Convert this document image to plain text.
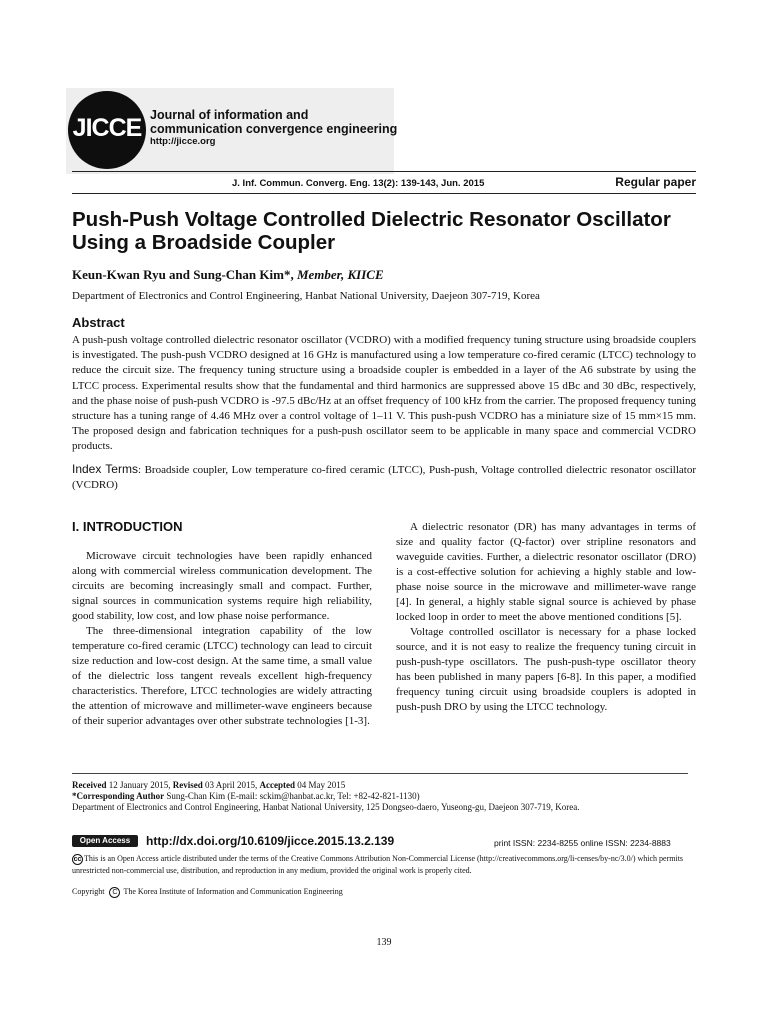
JICCE Journal of information and
communication convergence engineering
http://jicce.org
J. Inf. Commun. Converg. Eng. 13(2): 139-143, Jun. 2015	Regular paper
Push-Push Voltage Controlled Dielectric Resonator Oscillator Using a Broadside Coupler
Keun-Kwan Ryu and Sung-Chan Kim*, Member, KIICE
Department of Electronics and Control Engineering, Hanbat National University, Daejeon 307-719, Korea
Abstract
A push-push voltage controlled dielectric resonator oscillator (VCDRO) with a modified frequency tuning structure using broadside couplers is investigated. The push-push VCDRO designed at 16 GHz is manufactured using a low temperature co-fired ceramic (LTCC) technology to reduce the circuit size. The frequency tuning structure using a broadside coupler is embedded in a layer of the A6 substrate by using the LTCC process. Experimental results show that the fundamental and third harmonics are suppressed above 15 dBc and 30 dBc, respectively, and the phase noise of push-push VCDRO is -97.5 dBc/Hz at an offset frequency of 100 kHz from the carrier. The proposed frequency tuning structure has a tuning range of 4.46 MHz over a control voltage of 1–11 V. This push-push VCDRO has a miniature size of 15 mm×15 mm. The proposed design and fabrication techniques for a push-push oscillator seem to be applicable in many space and commercial VCDRO products.
Index Terms: Broadside coupler, Low temperature co-fired ceramic (LTCC), Push-push, Voltage controlled dielectric resonator oscillator (VCDRO)
I. INTRODUCTION

Microwave circuit technologies have been rapidly enhanced along with commercial wireless communication development. The circuits are becoming increasingly small and compact. Further, signal sources in communication systems require high reliability, good stability, low cost, and low phase noise performance.

The three-dimensional integration capability of the low temperature co-fired ceramic (LTCC) technology can lead to circuit size reduction and low-cost design. At the same time, a small value of the dielectric loss tangent reveals excellent high-frequency characteristics. Therefore, LTCC technologies are widely attracting the attention of microwave and millimeter-wave engineers because of their superior advantages over other substrate technologies [1-3].

A dielectric resonator (DR) has many advantages in terms of size and quality factor (Q-factor) over stripline resonators and waveguide cavities. Further, a dielectric resonator oscillator (DRO) is a cost-effective solution for achieving a highly stable and low-phase noise source in the microwave and millimeter-wave range [4]. In general, a highly stable signal source is achieved by phase locked loop in order to meet the above mentioned conditions [5].

Voltage controlled oscillator is necessary for a phase locked source, and it is not easy to realize the frequency tuning circuit in push-push-type oscillators. The push-push-type oscillator theory has been published in many papers [6-8]. In this paper, a modified frequency tuning circuit using broadside couplers is adopted in push-push DRO by using the LTCC technology.

Received 12 January 2015, Revised 03 April 2015, Accepted 04 May 2015
*Corresponding Author Sung-Chan Kim (E-mail: sckim@hanbat.ac.kr, Tel: +82-42-821-1130)
Department of Electronics and Control Engineering, Hanbat National University, 125 Dongseo-daero, Yuseong-gu, Daejeon 307-719, Korea.
Open Access	http://dx.doi.org/10.6109/jicce.2015.13.2.139	print ISSN: 2234-8255 online ISSN: 2234-8883
cc This is an Open Access article distributed under the terms of the Creative Commons Attribution Non-Commercial License (http://creativecommons.org/li-censes/by-nc/3.0/) which permits unrestricted non-commercial use, distribution, and reproduction in any medium, provided the original work is properly cited.
Copyright C The Korea Institute of Information and Communication Engineering
139
